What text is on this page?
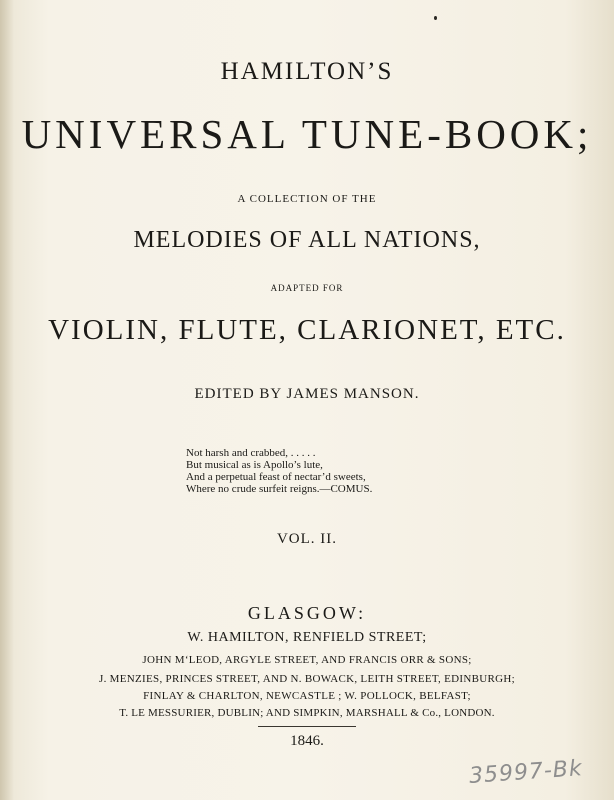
HAMILTON’S
UNIVERSAL TUNE-BOOK;
A COLLECTION OF THE
MELODIES OF ALL NATIONS,
ADAPTED FOR
VIOLIN, FLUTE, CLARIONET, ETC.
EDITED BY JAMES MANSON.
Not harsh and crabbed, . . . . .
But musical as is Apollo’s lute,
And a perpetual feast of nectar’d sweets,
Where no crude surfeit reigns.—COMUS.
VOL. II.
GLASGOW:
W. HAMILTON, RENFIELD STREET;
JOHN M‘LEOD, ARGYLE STREET, AND FRANCIS ORR & SONS;
J. MENZIES, PRINCES STREET, AND N. BOWACK, LEITH STREET, EDINBURGH;
FINLAY & CHARLTON, NEWCASTLE ; W. POLLOCK, BELFAST;
T. LE MESSURIER, DUBLIN; AND SIMPKIN, MARSHALL & Co., LONDON.
1846.
35997-Bk
